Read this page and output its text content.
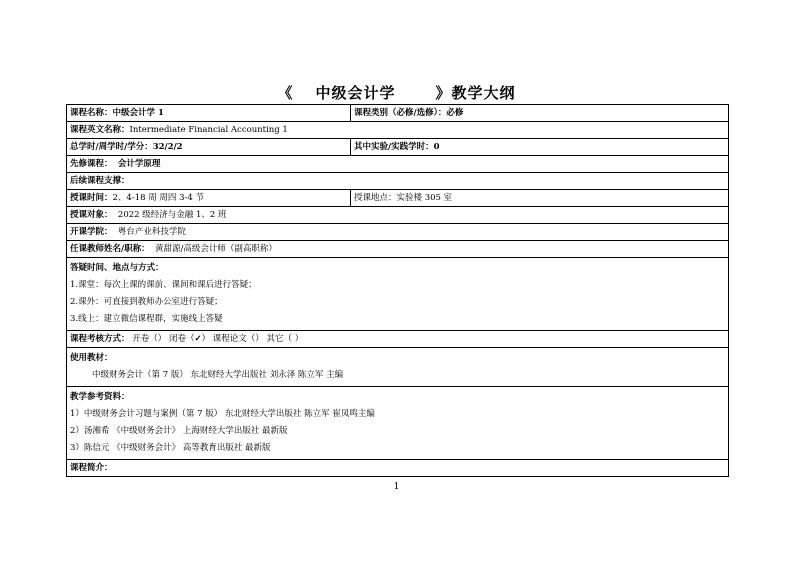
《 中级会计学	》教学大纲
课程名称：中级会计学 1	课程类别（必修/选修）：必修
课程英文名称：Intermediate Financial Accounting 1	
总学时/周学时/学分：32/2/2	其中实验/实践学时：0
先修课程： 会计学原理	
后续课程支撑：	
授课时间：2、4-18 周 周四 3-4 节	授课地点：实验楼 305 室
授课对象： 2022 级经济与金融 1、2 班	
开课学院： 粤台产业科技学院	
任课教师姓名/职称： 黄甜源/高级会计师（副高职称）	

答疑时间、地点与方式：
1.课堂：每次上课的课前、课间和课后进行答疑；
2.课外：可直接到教师办公室进行答疑；
3.线上：建立微信课程群，实施线上答疑	

课程考核方式： 开卷（） 闭卷（✓） 课程论文（） 其它（ ）	

使用教材：
中级财务会计（第 7 版） 东北财经大学出版社 刘永泽 陈立军 主编	

教学参考资料：
1）中级财务会计习题与案例（第 7 版） 东北财经大学出版社 陈立军 崔凤鸣主编
2）汤湘希 《中级财务会计》 上海财经大学出版社 最新版
3）陈信元 《中级财务会计》 高等教育出版社 最新版	

课程简介：	
1
